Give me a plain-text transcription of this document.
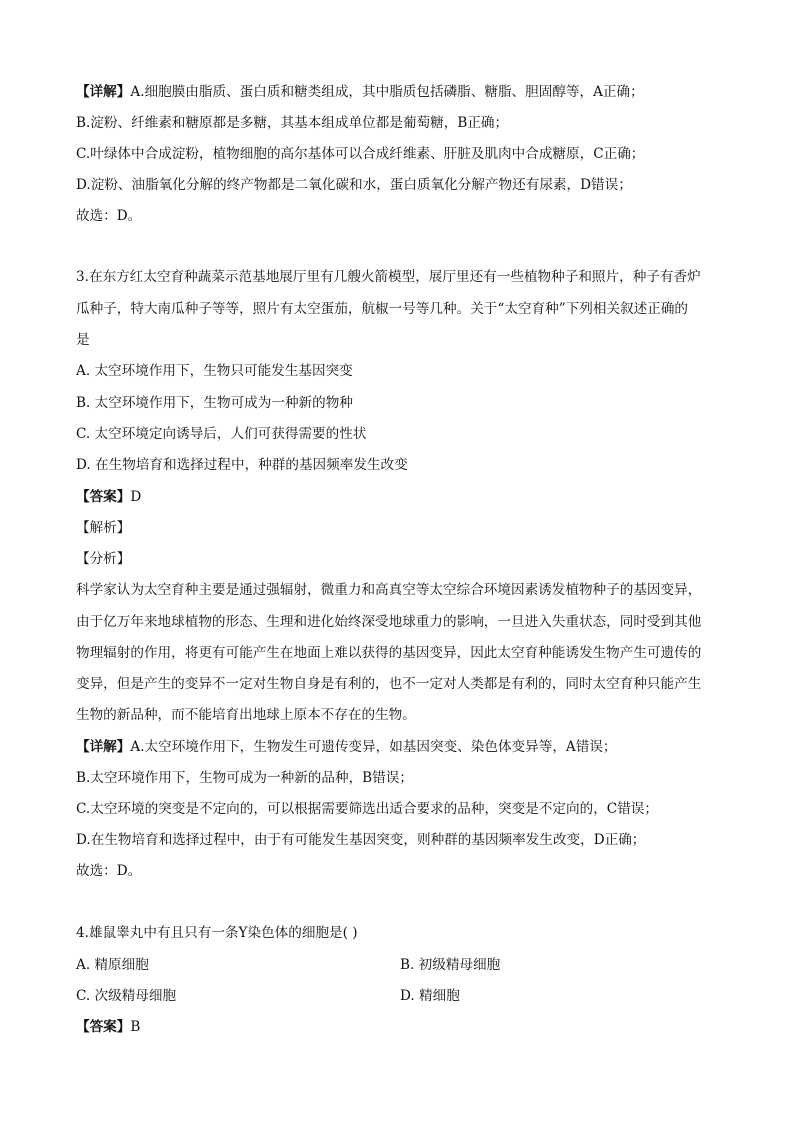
【详解】A.细胞膜由脂质、蛋白质和糖类组成，其中脂质包括磷脂、糖脂、胆固醇等，A正确；
B.淀粉、纤维素和糖原都是多糖，其基本组成单位都是葡萄糖，B正确；
C.叶绿体中合成淀粉，植物细胞的高尔基体可以合成纤维素、肝脏及肌肉中合成糖原，C正确；
D.淀粉、油脂氧化分解的终产物都是二氧化碳和水，蛋白质氧化分解产物还有尿素，D错误；
故选：D。
3.在东方红太空育种蔬菜示范基地展厅里有几艘火箭模型，展厅里还有一些植物种子和照片，种子有香炉
瓜种子，特大南瓜种子等等，照片有太空蛋茄，航椒一号等几种。关于“太空育种”下列相关叙述正确的
是
A. 太空环境作用下，生物只可能发生基因突变
B. 太空环境作用下，生物可成为一种新的物种
C. 太空环境定向诱导后，人们可获得需要的性状
D. 在生物培育和选择过程中，种群的基因频率发生改变
【答案】D
【解析】
【分析】
科学家认为太空育种主要是通过强辐射，微重力和高真空等太空综合环境因素诱发植物种子的基因变异，
由于亿万年来地球植物的形态、生理和进化始终深受地球重力的影响，一旦进入失重状态，同时受到其他
物理辐射的作用，将更有可能产生在地面上难以获得的基因变异，因此太空育种能诱发生物产生可遗传的
变异，但是产生的变异不一定对生物自身是有利的，也不一定对人类都是有利的，同时太空育种只能产生
生物的新品种，而不能培育出地球上原本不存在的生物。
【详解】A.太空环境作用下，生物发生可遗传变异，如基因突变、染色体变异等，A错误；
B.太空环境作用下，生物可成为一种新的品种，B错误；
C.太空环境的突变是不定向的，可以根据需要筛选出适合要求的品种，突变是不定向的，C错误；
D.在生物培育和选择过程中，由于有可能发生基因突变，则种群的基因频率发生改变，D正确；
故选：D。
4.雄鼠睾丸中有且只有一条Y染色体的细胞是( )
A. 精原细胞	B. 初级精母细胞
C. 次级精母细胞	D. 精细胞
【答案】B
